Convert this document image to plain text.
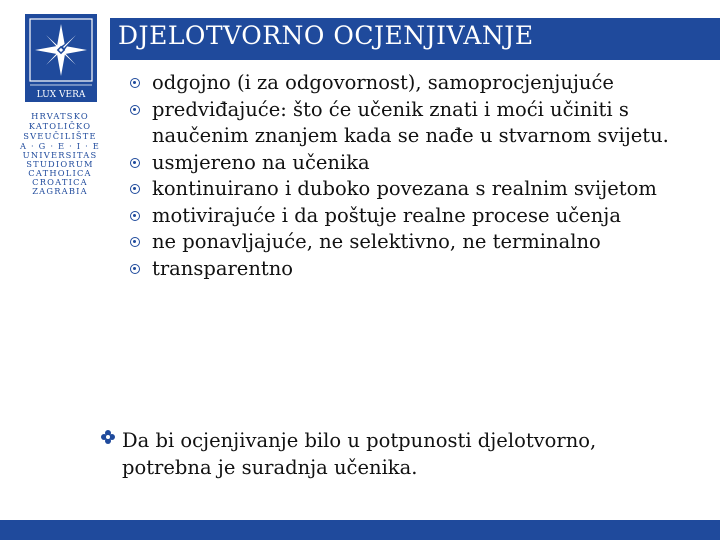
LUX VERA
HRVATSKO
KATOLIČKO
SVEUČILIŠTE
A · G · E · I · E
UNIVERSITAS
STUDIORUM
CATHOLICA
CROATICA
ZAGRABIA
DJELOTVORNO OCJENJIVANJE
odgojno (i za odgovornost), samoprocjenjujuće
predviđajuće: što će učenik znati i moći učiniti s naučenim znanjem kada se nađe u stvarnom svijetu.
usmjereno na učenika
kontinuirano i duboko povezana s realnim svijetom
motivirajuće i da poštuje realne procese učenja
ne ponavljajuće, ne selektivno, ne terminalno
transparentno
Da bi ocjenjivanje bilo u potpunosti djelotvorno, potrebna je suradnja učenika.
